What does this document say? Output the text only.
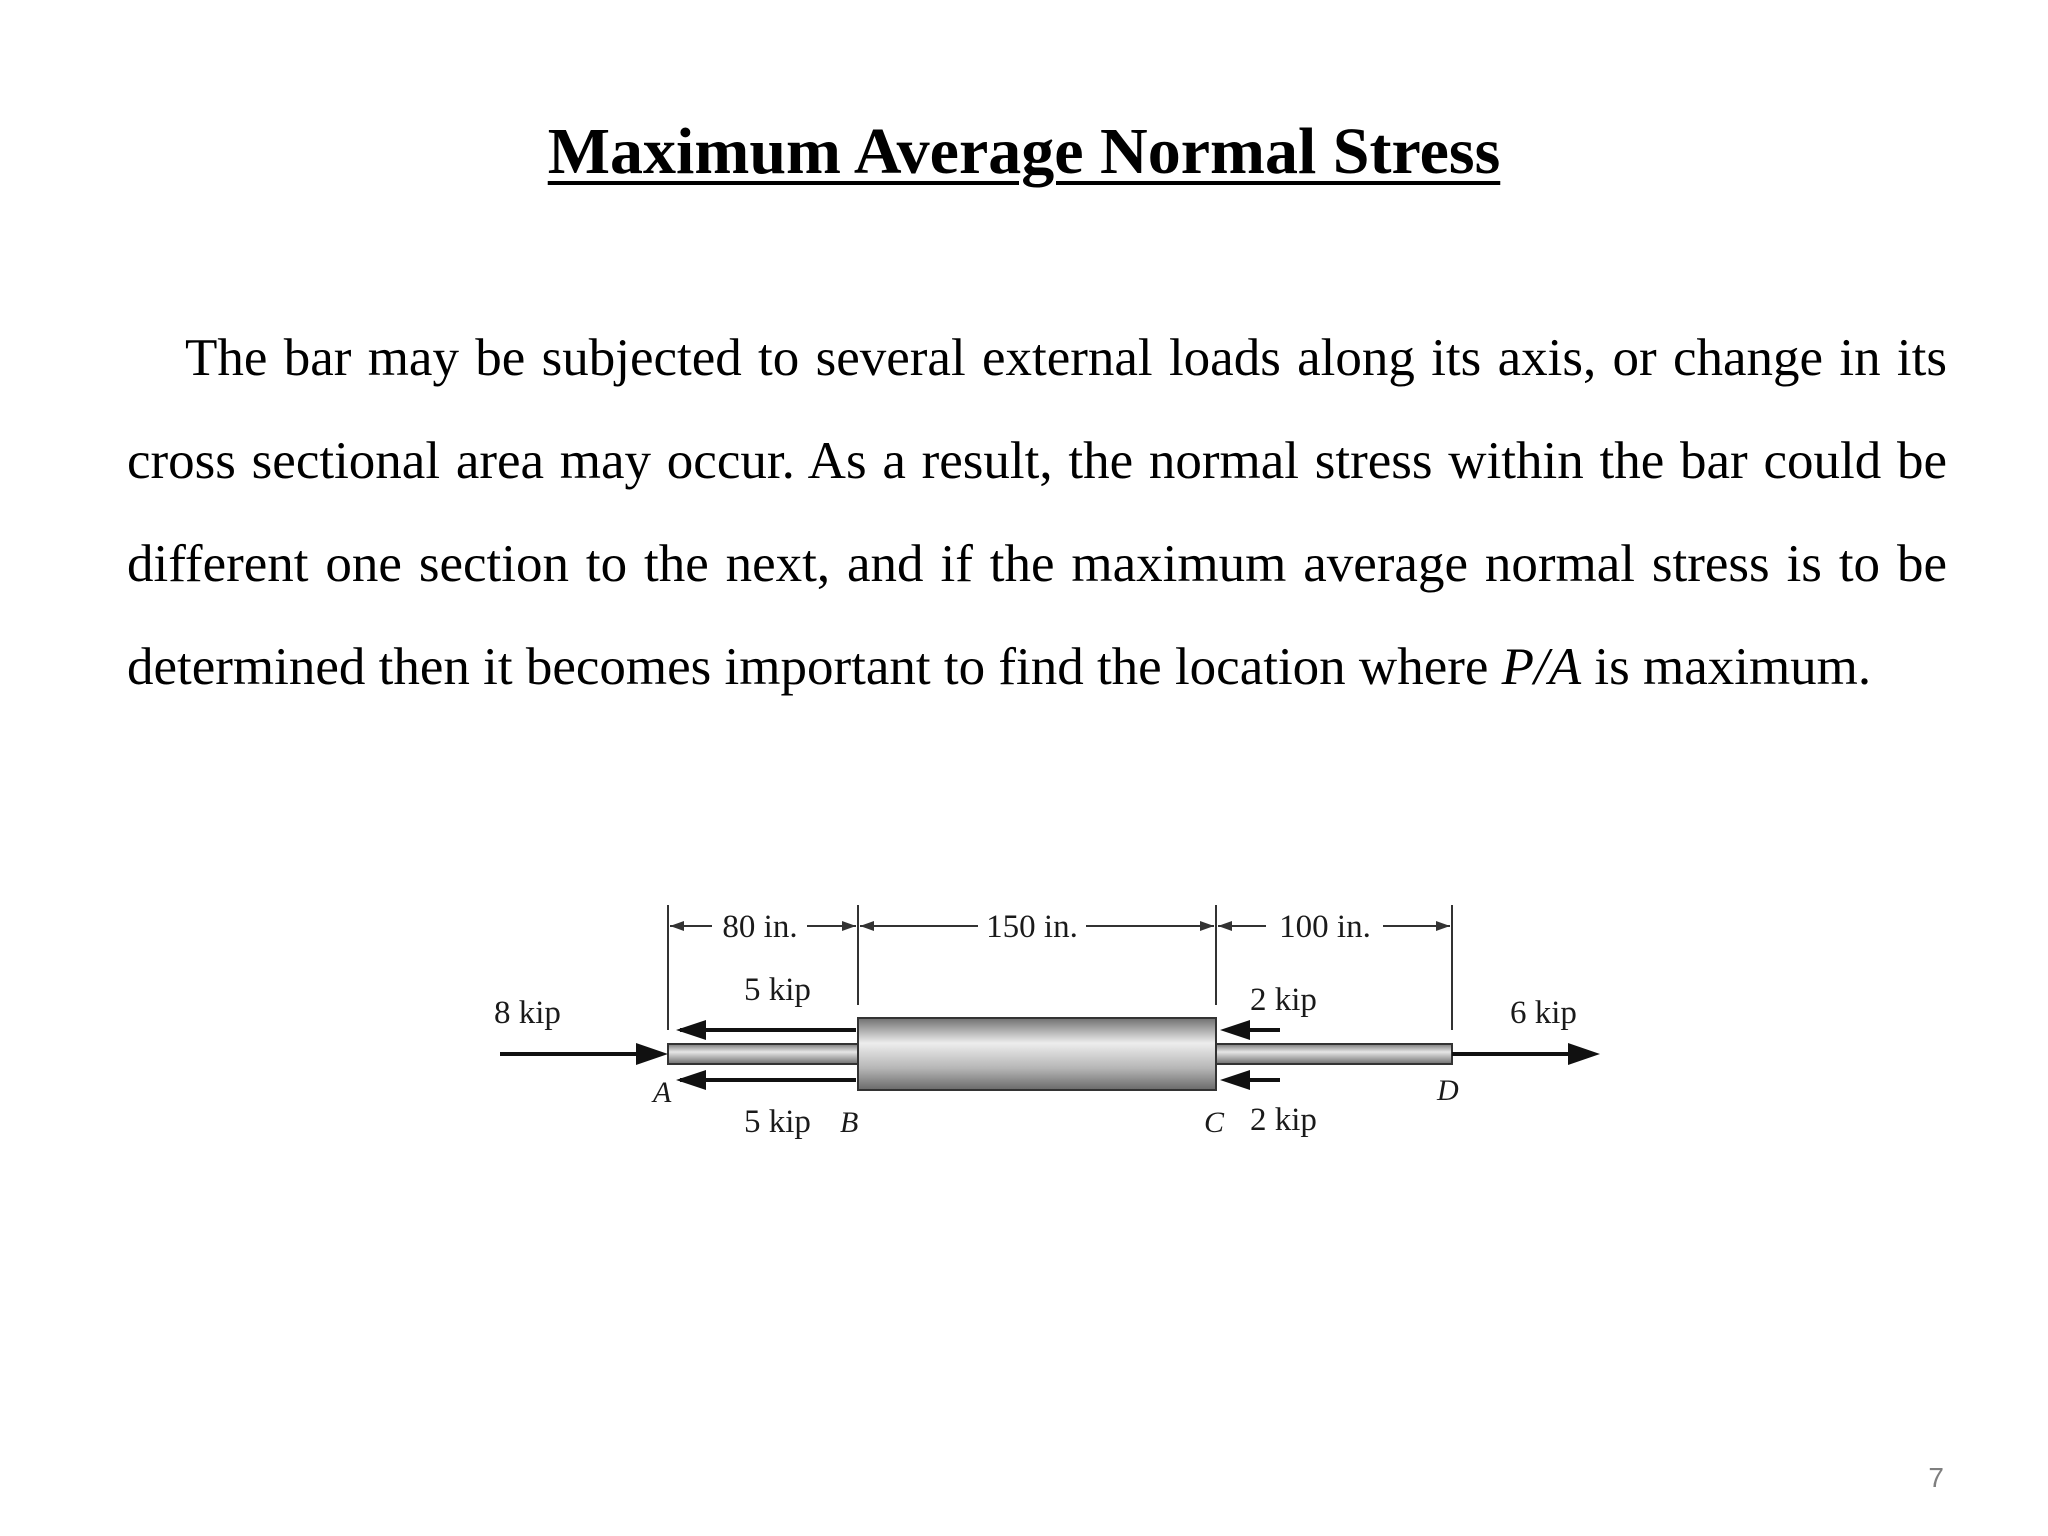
Maximum Average Normal Stress

The bar may be subjected to several external loads along its axis, or change in its cross sectional area may occur. As a result, the normal stress within the bar could be different one section to the next, and if the maximum average normal stress is to be determined then it becomes important to find the location where P/A is maximum.

80 in.	150 in.	100 in.
8 kip
5 kip
5 kip
2 kip
2 kip
6 kip
A
B	C
D
7
